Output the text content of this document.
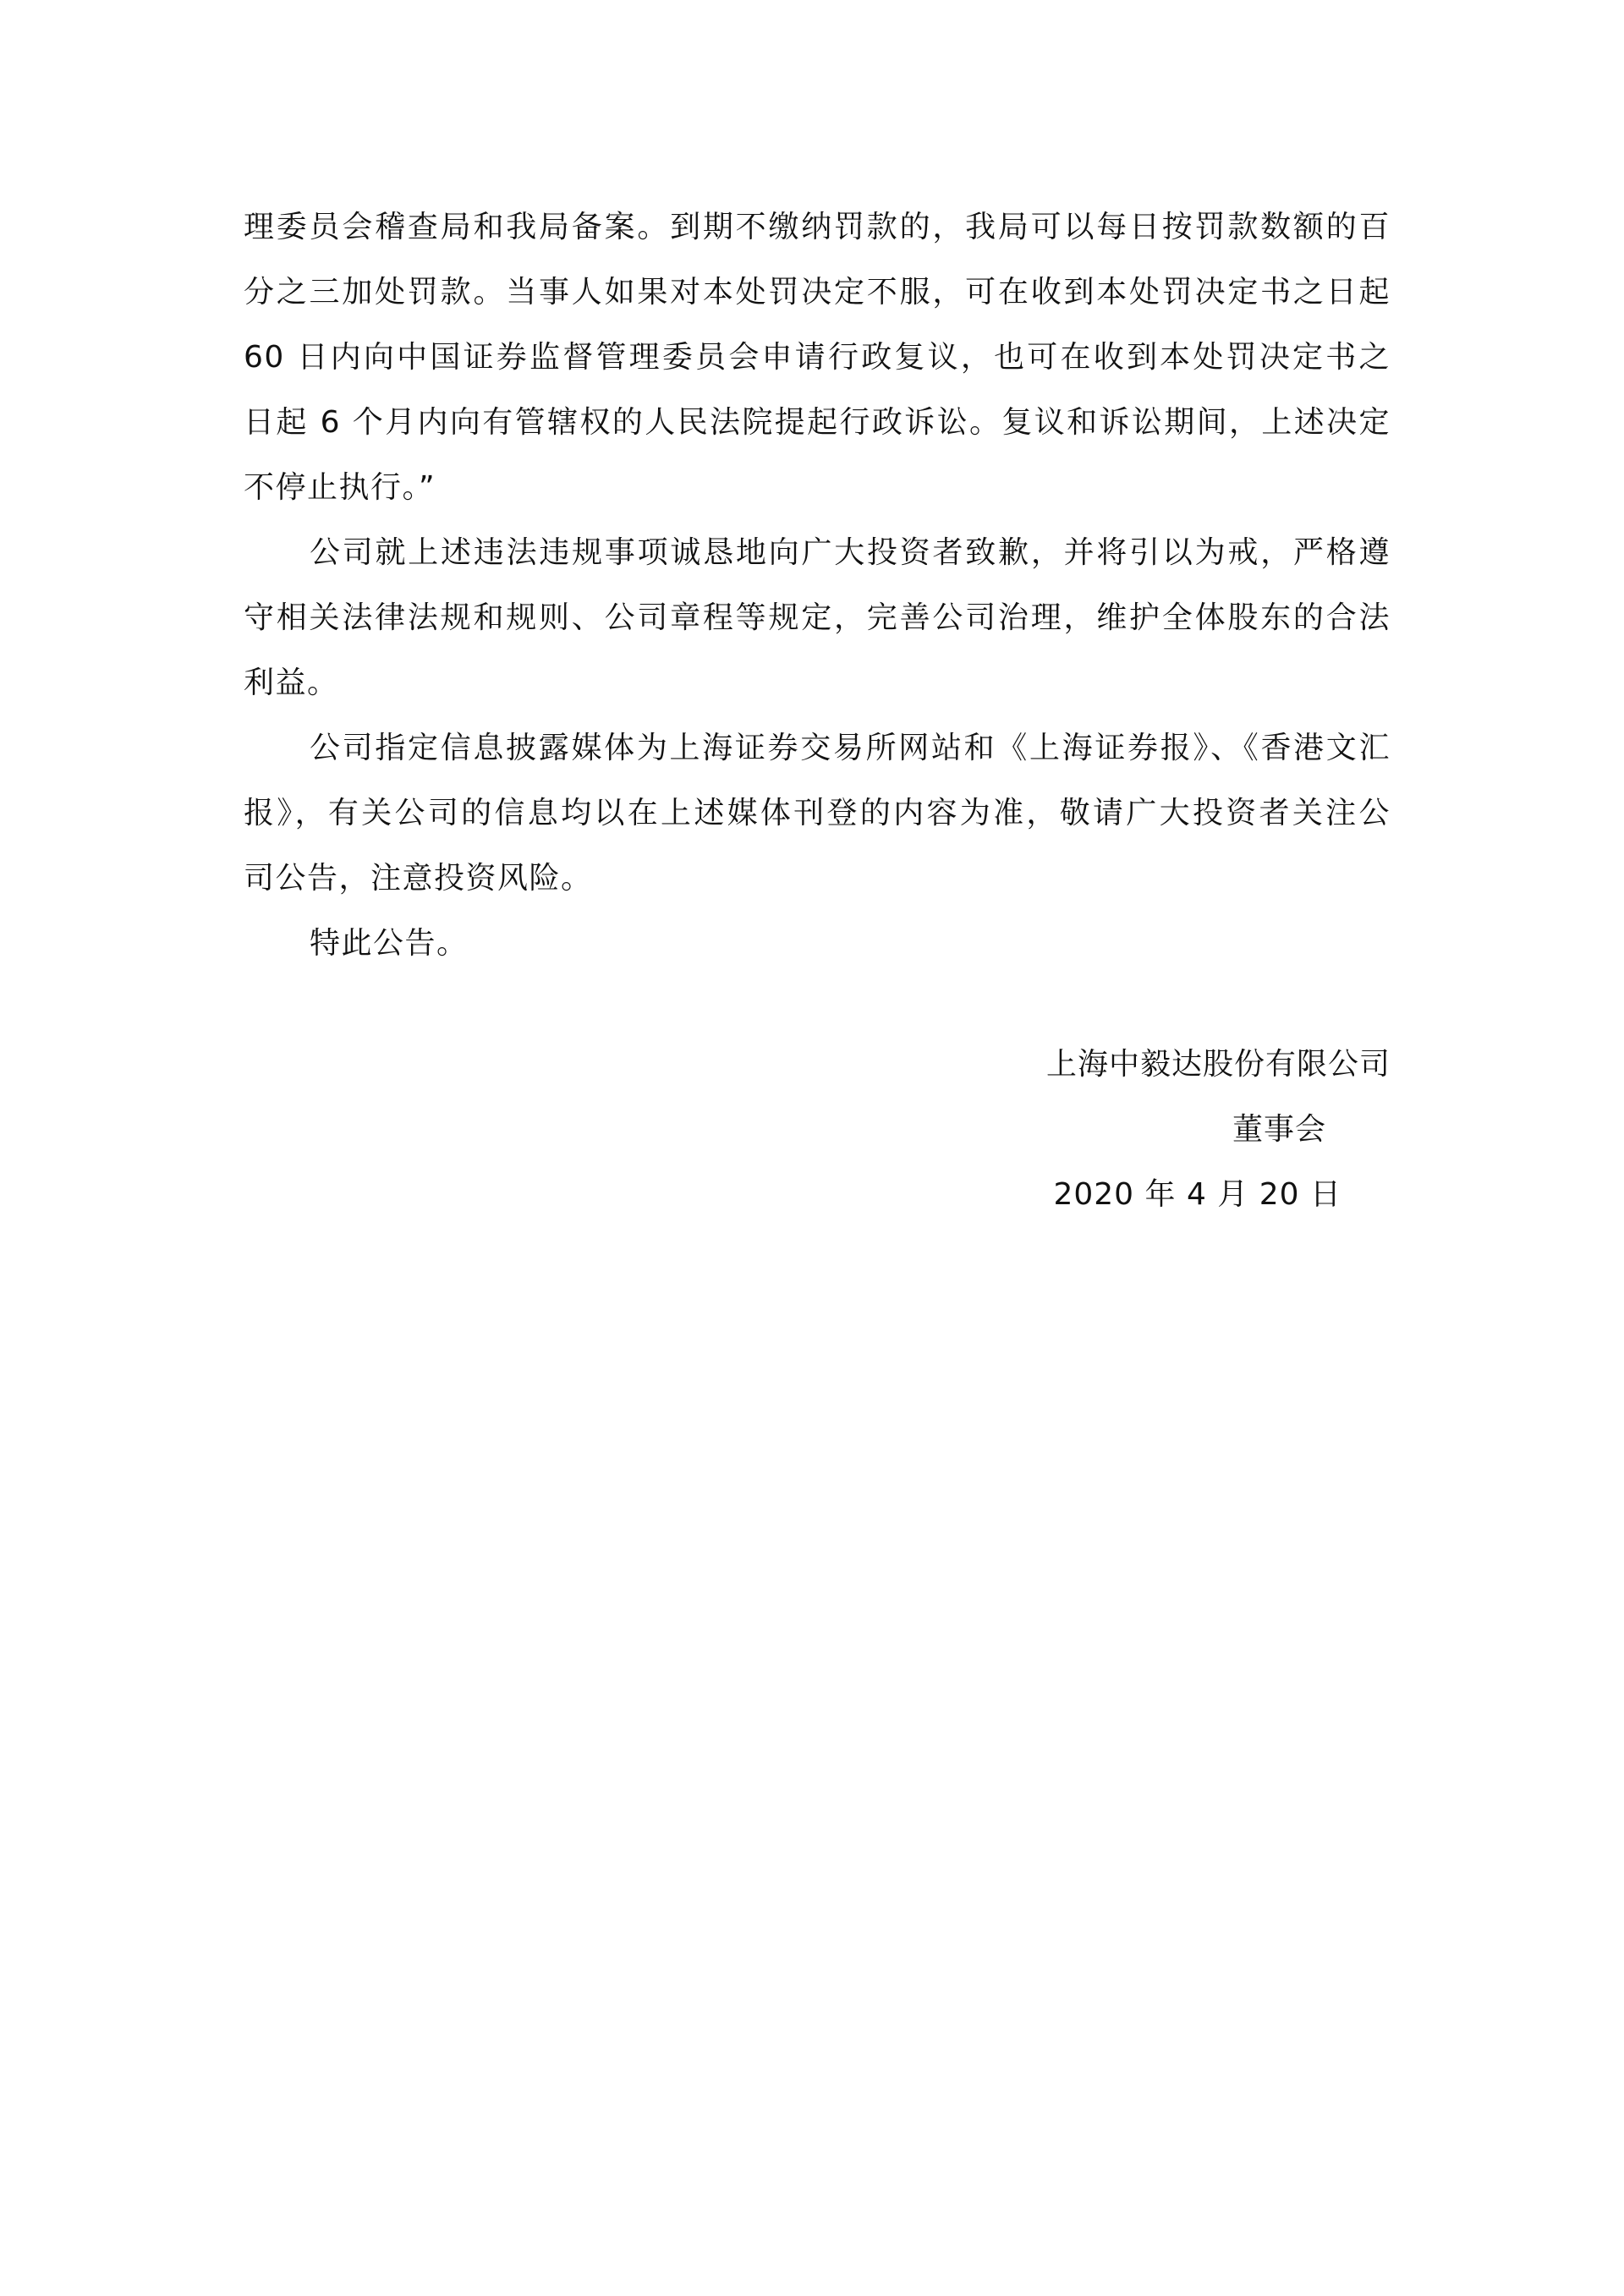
理委员会稽查局和我局备案。到期不缴纳罚款的，我局可以每日按罚款数额的百
分之三加处罚款。当事人如果对本处罚决定不服，可在收到本处罚决定书之日起
60 日内向中国证券监督管理委员会申请行政复议，也可在收到本处罚决定书之
日起 6 个月内向有管辖权的人民法院提起行政诉讼。复议和诉讼期间，上述决定
不停止执行。”
公司就上述违法违规事项诚恳地向广大投资者致歉，并将引以为戒，严格遵
守相关法律法规和规则、公司章程等规定，完善公司治理，维护全体股东的合法
利益。
公司指定信息披露媒体为上海证券交易所网站和《上海证券报》、《香港文汇
报》，有关公司的信息均以在上述媒体刊登的内容为准，敬请广大投资者关注公
司公告，注意投资风险。
特此公告。
上海中毅达股份有限公司
董事会
2020 年 4 月 20 日
